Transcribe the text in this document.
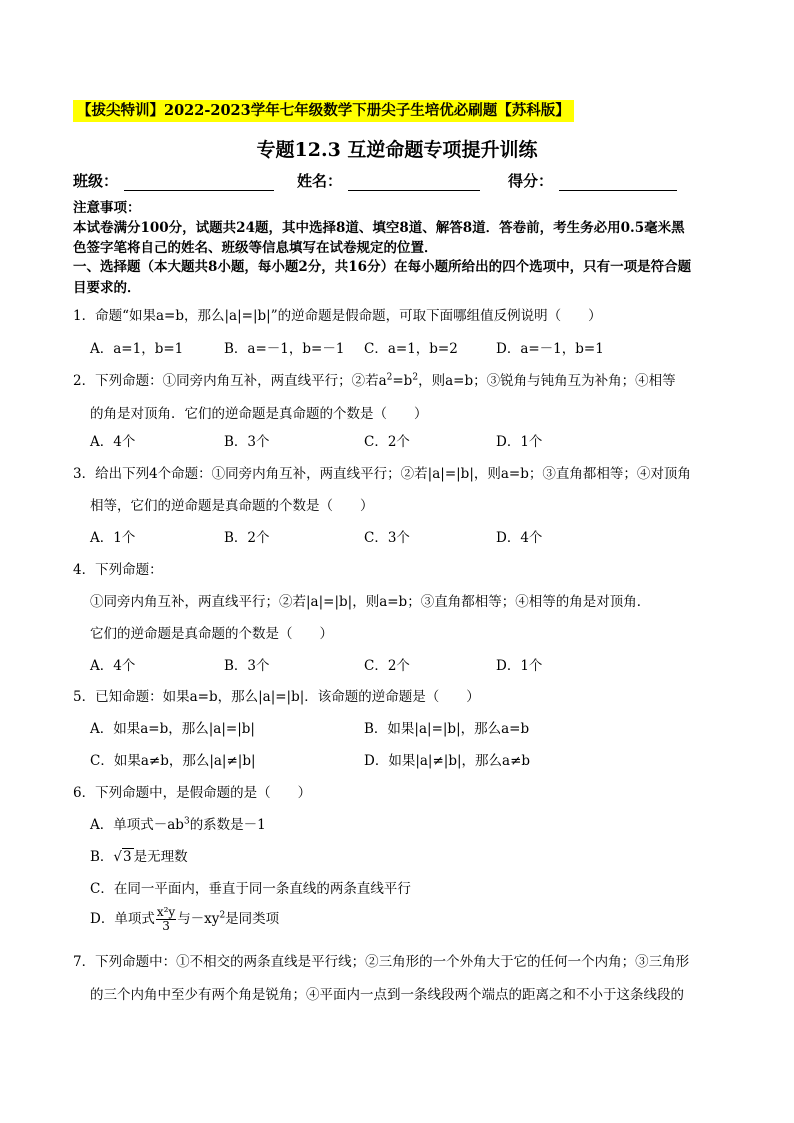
【拔尖特训】2022-2023学年七年级数学下册尖子生培优必刷题【苏科版】
专题12.3 互逆命题专项提升训练
班级：	姓名：	得分：
注意事项：
本试卷满分100分，试题共24题，其中选择8道、填空8道、解答8道．答卷前，考生务必用0.5毫米黑
色签字笔将自己的姓名、班级等信息填写在试卷规定的位置．
一、选择题（本大题共8小题，每小题2分，共16分）在每小题所给出的四个选项中，只有一项是符合题
目要求的．
1．命题“如果a=b，那么|a|=|b|”的逆命题是假命题，可取下面哪组值反例说明（　　）
A．a=1，b=1	B．a=－1，b=－1 C．a=1，b=2	D．a=－1，b=1
2．下列命题：①同旁内角互补，两直线平行；②若$a^2=b^2$，则a=b；③锐角与钝角互为补角；④相等
的角是对顶角．它们的逆命题是真命题的个数是（　　）
A．4个	B．3个	C．2个	D．1个
3．给出下列4个命题：①同旁内角互补，两直线平行；②若|a|=|b|，则a=b；③直角都相等；④对顶角
相等，它们的逆命题是真命题的个数是（　　）
A．1个	B．2个	C．3个	D．4个
4．下列命题：
①同旁内角互补，两直线平行；②若|a|=|b|，则a=b；③直角都相等；④相等的角是对顶角．
它们的逆命题是真命题的个数是（　　）
A．4个	B．3个	C．2个	D．1个
5．已知命题：如果a=b，那么|a|=|b|．该命题的逆命题是（　　）
A．如果a=b，那么|a|=|b|	B．如果|a|=|b|，那么a=b
C．如果a≠b，那么|a|≠|b|	D．如果|a|≠|b|，那么a≠b
6．下列命题中，是假命题的是（　　）
A．单项式$-ab^3$的系数是－1
B．√3 是无理数
C．在同一平面内，垂直于同一条直线的两条直线平行
D．单项式 $\frac{\text{x²y}}{3}$ 与$-xy^2$是同类项
7．下列命题中：①不相交的两条直线是平行线；②三角形的一个外角大于它的任何一个内角；③三角形
的三个内角中至少有两个角是锐角；④平面内一点到一条线段两个端点的距离之和不小于这条线段的
